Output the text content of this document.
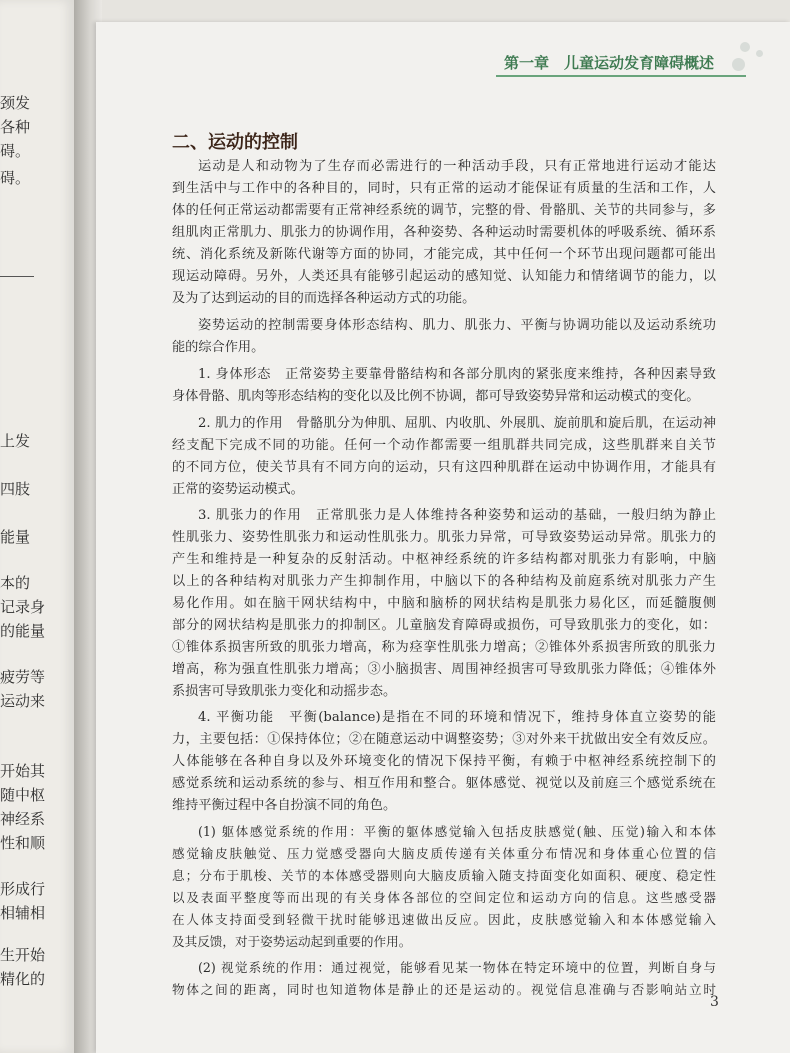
颈发
各种
碍。
碍。
上发
四肢
能量
本的
记录身
的能量
疲劳等
运动来
开始其
随中枢
神经系
性和顺
形成行
相辅相
生开始
精化的
第一章　儿童运动发育障碍概述
二、运动的控制
运动是人和动物为了生存而必需进行的一种活动手段，只有正常地进行运动才能达
到生活中与工作中的各种目的，同时，只有正常的运动才能保证有质量的生活和工作，人
体的任何正常运动都需要有正常神经系统的调节，完整的骨、骨骼肌、关节的共同参与，多
组肌肉正常肌力、肌张力的协调作用，各种姿势、各种运动时需要机体的呼吸系统、循环系
统、消化系统及新陈代谢等方面的协同，才能完成，其中任何一个环节出现问题都可能出
现运动障碍。另外，人类还具有能够引起运动的感知觉、认知能力和情绪调节的能力，以
及为了达到运动的目的而选择各种运动方式的功能。
姿势运动的控制需要身体形态结构、肌力、肌张力、平衡与协调功能以及运动系统功
能的综合作用。
1. 身体形态　正常姿势主要靠骨骼结构和各部分肌肉的紧张度来维持，各种因素导致
身体骨骼、肌肉等形态结构的变化以及比例不协调，都可导致姿势异常和运动模式的变化。
2. 肌力的作用　骨骼肌分为伸肌、屈肌、内收肌、外展肌、旋前肌和旋后肌，在运动神
经支配下完成不同的功能。任何一个动作都需要一组肌群共同完成，这些肌群来自关节
的不同方位，使关节具有不同方向的运动，只有这四种肌群在运动中协调作用，才能具有
正常的姿势运动模式。
3. 肌张力的作用　正常肌张力是人体维持各种姿势和运动的基础，一般归纳为静止
性肌张力、姿势性肌张力和运动性肌张力。肌张力异常，可导致姿势运动异常。肌张力的
产生和维持是一种复杂的反射活动。中枢神经系统的许多结构都对肌张力有影响，中脑
以上的各种结构对肌张力产生抑制作用，中脑以下的各种结构及前庭系统对肌张力产生
易化作用。如在脑干网状结构中，中脑和脑桥的网状结构是肌张力易化区，而延髓腹侧
部分的网状结构是肌张力的抑制区。儿童脑发育障碍或损伤，可导致肌张力的变化，如：
①锥体系损害所致的肌张力增高，称为痉挛性肌张力增高；②锥体外系损害所致的肌张力
增高，称为强直性肌张力增高；③小脑损害、周围神经损害可导致肌张力降低；④锥体外
系损害可导致肌张力变化和动摇步态。
4. 平衡功能　平衡(balance)是指在不同的环境和情况下，维持身体直立姿势的能
力，主要包括：①保持体位；②在随意运动中调整姿势；③对外来干扰做出安全有效反应。
人体能够在各种自身以及外环境变化的情况下保持平衡，有赖于中枢神经系统控制下的
感觉系统和运动系统的参与、相互作用和整合。躯体感觉、视觉以及前庭三个感觉系统在
维持平衡过程中各自扮演不同的角色。
(1) 躯体感觉系统的作用：平衡的躯体感觉输入包括皮肤感觉(触、压觉)输入和本体
感觉输皮肤触觉、压力觉感受器向大脑皮质传递有关体重分布情况和身体重心位置的信
息；分布于肌梭、关节的本体感受器则向大脑皮质输入随支持面变化如面积、硬度、稳定性
以及表面平整度等而出现的有关身体各部位的空间定位和运动方向的信息。这些感受器
在人体支持面受到轻微干扰时能够迅速做出反应。因此，皮肤感觉输入和本体感觉输入
及其反馈，对于姿势运动起到重要的作用。
(2) 视觉系统的作用：通过视觉，能够看见某一物体在特定环境中的位置，判断自身与
物体之间的距离，同时也知道物体是静止的还是运动的。视觉信息准确与否影响站立时
3
